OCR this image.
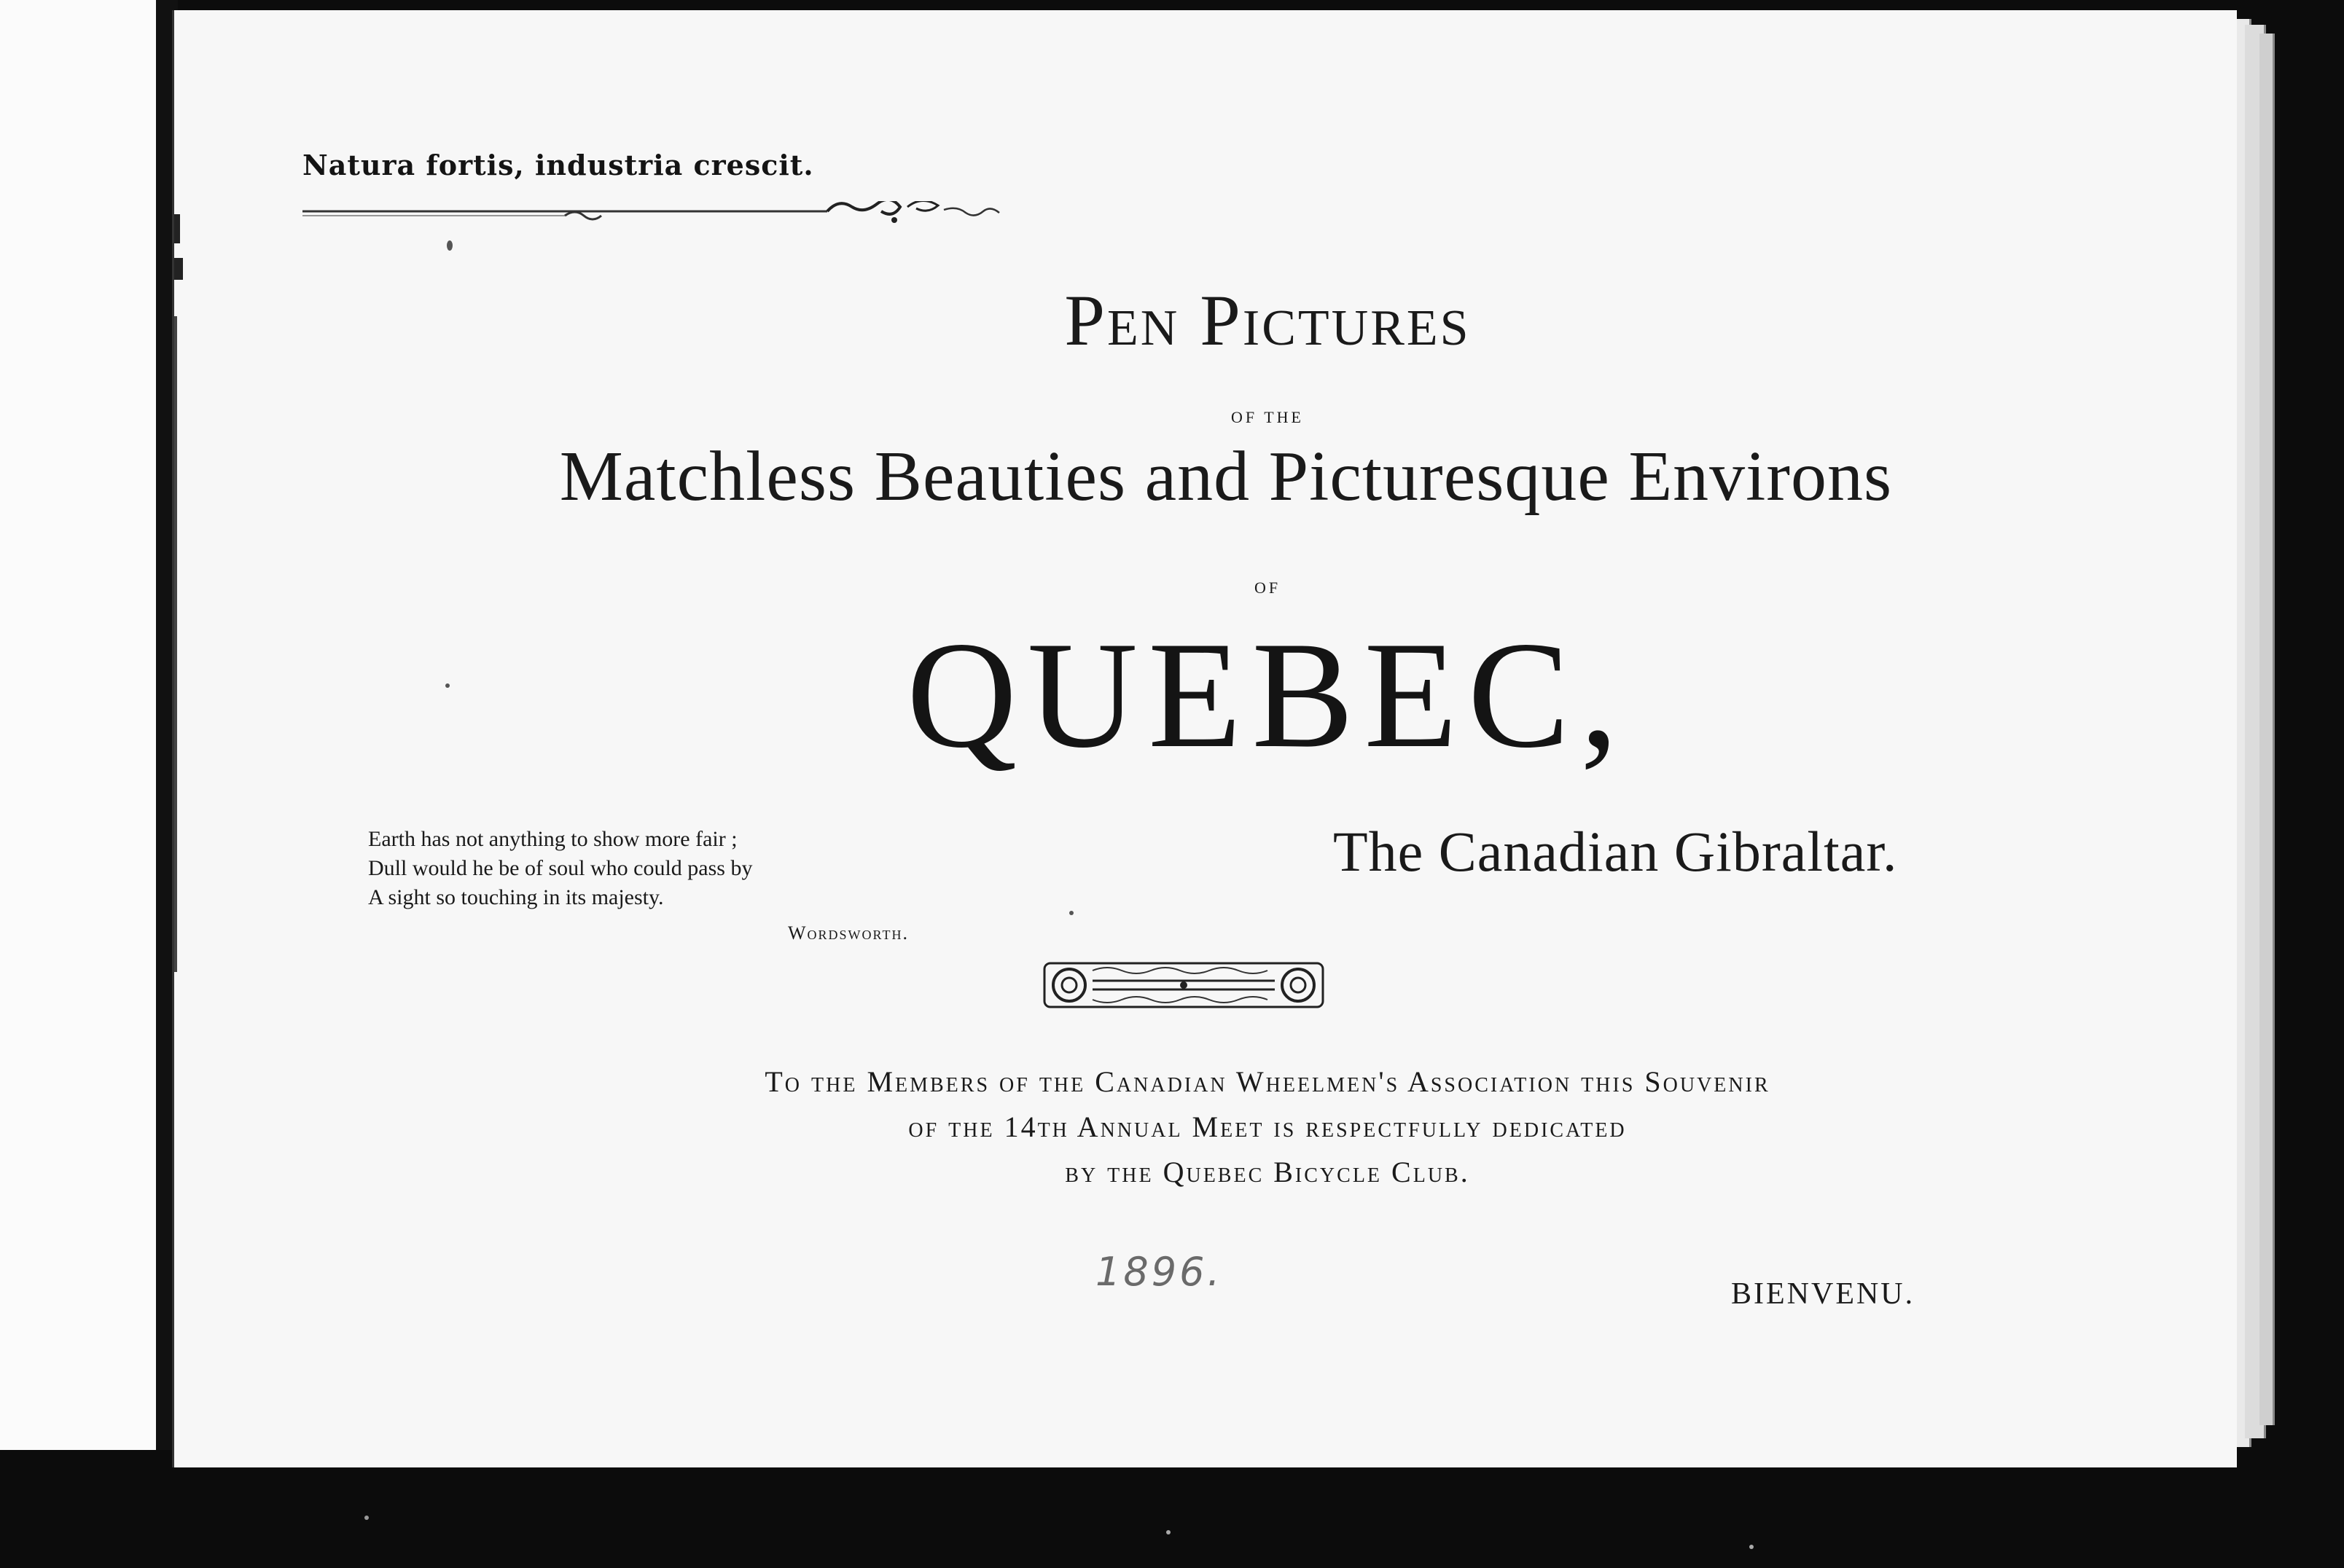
Natura fortis, industria crescit.
Pen Pictures
OF THE
Matchless Beauties and Picturesque Environs
OF
QUEBEC,
Earth has not anything to show more fair ;
Dull would he be of soul who could pass by
A sight so touching in its majesty.
Wordsworth.
The Canadian Gibraltar.
To the Members of the Canadian Wheelmen's Association this Souvenir
of the 14th Annual Meet is respectfully dedicated
by the Quebec Bicycle Club.
1896.	BIENVENU.
